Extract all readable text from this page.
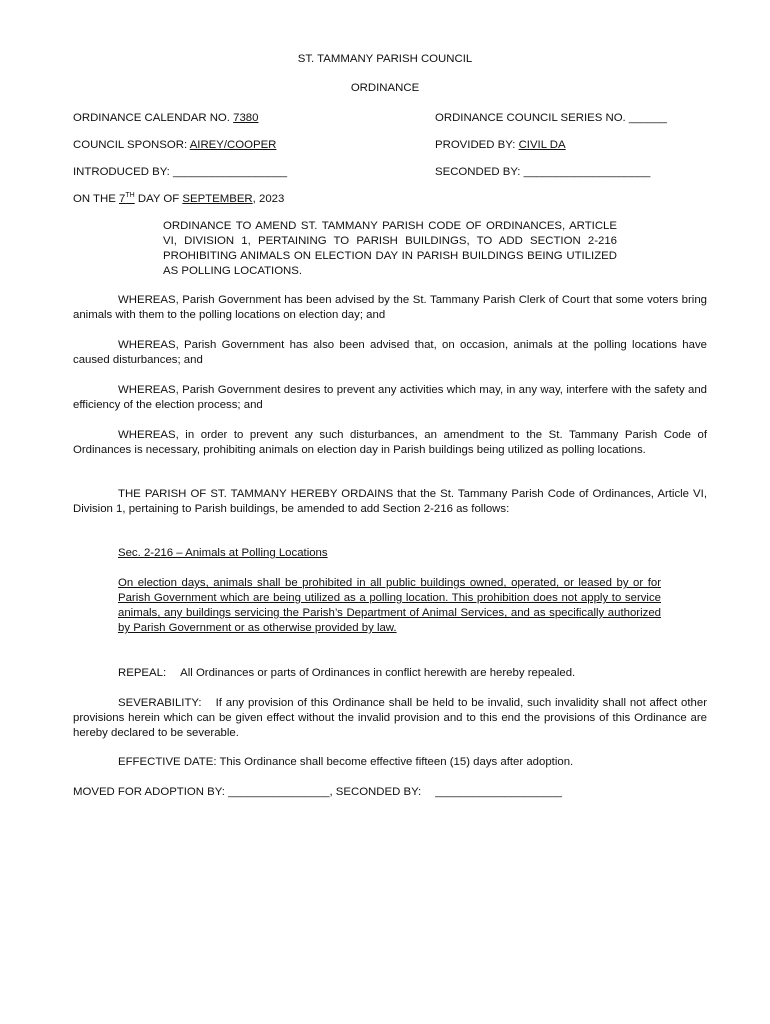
ST. TAMMANY PARISH COUNCIL
ORDINANCE
ORDINANCE CALENDAR NO. 7380	ORDINANCE COUNCIL SERIES NO. ______
COUNCIL SPONSOR: AIREY/COOPER	PROVIDED BY: CIVIL DA
INTRODUCED BY: __________________	SECONDED BY: ____________________
ON THE 7TH DAY OF SEPTEMBER, 2023
ORDINANCE TO AMEND ST. TAMMANY PARISH CODE OF ORDINANCES, ARTICLE VI, DIVISION 1, PERTAINING TO PARISH BUILDINGS, TO ADD SECTION 2-216 PROHIBITING ANIMALS ON ELECTION DAY IN PARISH BUILDINGS BEING UTILIZED AS POLLING LOCATIONS.
WHEREAS, Parish Government has been advised by the St. Tammany Parish Clerk of Court that some voters bring animals with them to the polling locations on election day; and
WHEREAS, Parish Government has also been advised that, on occasion, animals at the polling locations have caused disturbances; and
WHEREAS, Parish Government desires to prevent any activities which may, in any way, interfere with the safety and efficiency of the election process; and
WHEREAS, in order to prevent any such disturbances, an amendment to the St. Tammany Parish Code of Ordinances is necessary, prohibiting animals on election day in Parish buildings being utilized as polling locations.
THE PARISH OF ST. TAMMANY HEREBY ORDAINS that the St. Tammany Parish Code of Ordinances, Article VI, Division 1, pertaining to Parish buildings, be amended to add Section 2-216 as follows:
Sec. 2-216 – Animals at Polling Locations
On election days, animals shall be prohibited in all public buildings owned, operated, or leased by or for Parish Government which are being utilized as a polling location. This prohibition does not apply to service animals, any buildings servicing the Parish’s Department of Animal Services, and as specifically authorized by Parish Government or as otherwise provided by law.
REPEAL: All Ordinances or parts of Ordinances in conflict herewith are hereby repealed.
SEVERABILITY: If any provision of this Ordinance shall be held to be invalid, such invalidity shall not affect other provisions herein which can be given effect without the invalid provision and to this end the provisions of this Ordinance are hereby declared to be severable.
EFFECTIVE DATE: This Ordinance shall become effective fifteen (15) days after adoption.
MOVED FOR ADOPTION BY: ________________, SECONDED BY: ____________________
